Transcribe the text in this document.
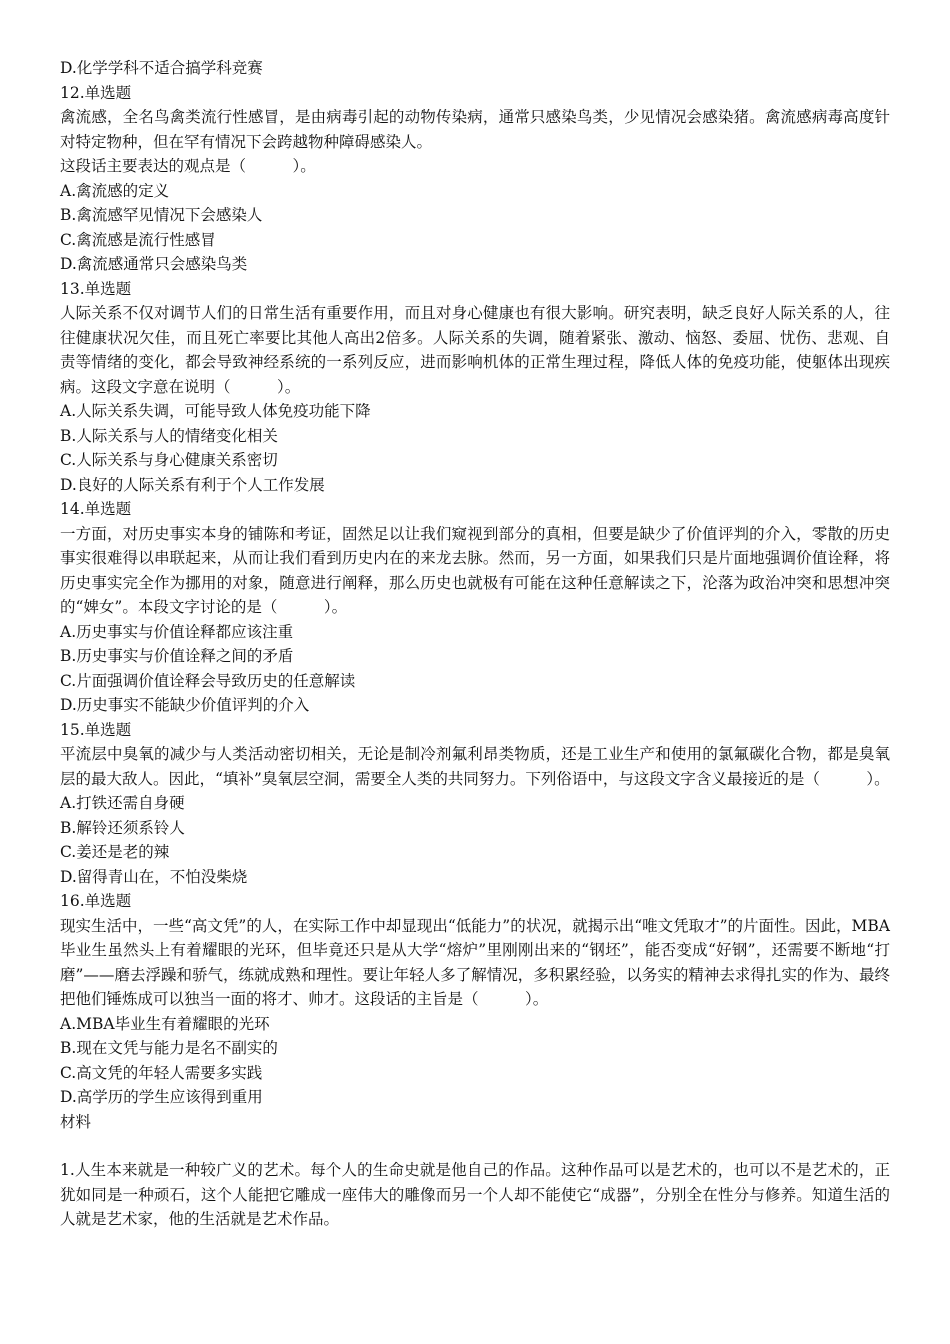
D.化学学科不适合搞学科竞赛
12.单选题
禽流感，全名鸟禽类流行性感冒，是由病毒引起的动物传染病，通常只感染鸟类，少见情况会感染猪。禽流感病毒高度针对特定物种，但在罕有情况下会跨越物种障碍感染人。
这段话主要表达的观点是（　　　）。
A.禽流感的定义
B.禽流感罕见情况下会感染人
C.禽流感是流行性感冒
D.禽流感通常只会感染鸟类
13.单选题
人际关系不仅对调节人们的日常生活有重要作用，而且对身心健康也有很大影响。研究表明，缺乏良好人际关系的人，往往健康状况欠佳，而且死亡率要比其他人高出2倍多。人际关系的失调，随着紧张、激动、恼怒、委屈、忧伤、悲观、自责等情绪的变化，都会导致神经系统的一系列反应，进而影响机体的正常生理过程，降低人体的免疫功能，使躯体出现疾病。这段文字意在说明（　　　）。
A.人际关系失调，可能导致人体免疫功能下降
B.人际关系与人的情绪变化相关
C.人际关系与身心健康关系密切
D.良好的人际关系有利于个人工作发展
14.单选题
一方面，对历史事实本身的铺陈和考证，固然足以让我们窥视到部分的真相，但要是缺少了价值评判的介入，零散的历史事实很难得以串联起来，从而让我们看到历史内在的来龙去脉。然而，另一方面，如果我们只是片面地强调价值诠释，将历史事实完全作为挪用的对象，随意进行阐释，那么历史也就极有可能在这种任意解读之下，沦落为政治冲突和思想冲突的“婢女”。本段文字讨论的是（　　　）。
A.历史事实与价值诠释都应该注重
B.历史事实与价值诠释之间的矛盾
C.片面强调价值诠释会导致历史的任意解读
D.历史事实不能缺少价值评判的介入
15.单选题
平流层中臭氧的减少与人类活动密切相关，无论是制冷剂氟利昂类物质，还是工业生产和使用的氯氟碳化合物，都是臭氧层的最大敌人。因此，“填补”臭氧层空洞，需要全人类的共同努力。下列俗语中，与这段文字含义最接近的是（　　　）。
A.打铁还需自身硬
B.解铃还须系铃人
C.姜还是老的辣
D.留得青山在，不怕没柴烧
16.单选题
现实生活中，一些“高文凭”的人，在实际工作中却显现出“低能力”的状况，就揭示出“唯文凭取才”的片面性。因此，MBA毕业生虽然头上有着耀眼的光环，但毕竟还只是从大学“熔炉”里刚刚出来的“钢坯”，能否变成“好钢”，还需要不断地“打磨”——磨去浮躁和骄气，练就成熟和理性。要让年轻人多了解情况，多积累经验，以务实的精神去求得扎实的作为、最终把他们锤炼成可以独当一面的将才、帅才。这段话的主旨是（　　　）。
A.MBA毕业生有着耀眼的光环
B.现在文凭与能力是名不副实的
C.高文凭的年轻人需要多实践
D.高学历的学生应该得到重用
材料
1.人生本来就是一种较广义的艺术。每个人的生命史就是他自己的作品。这种作品可以是艺术的，也可以不是艺术的，正犹如同是一种顽石，这个人能把它雕成一座伟大的雕像而另一个人却不能使它“成器”，分别全在性分与修养。知道生活的人就是艺术家，他的生活就是艺术作品。
